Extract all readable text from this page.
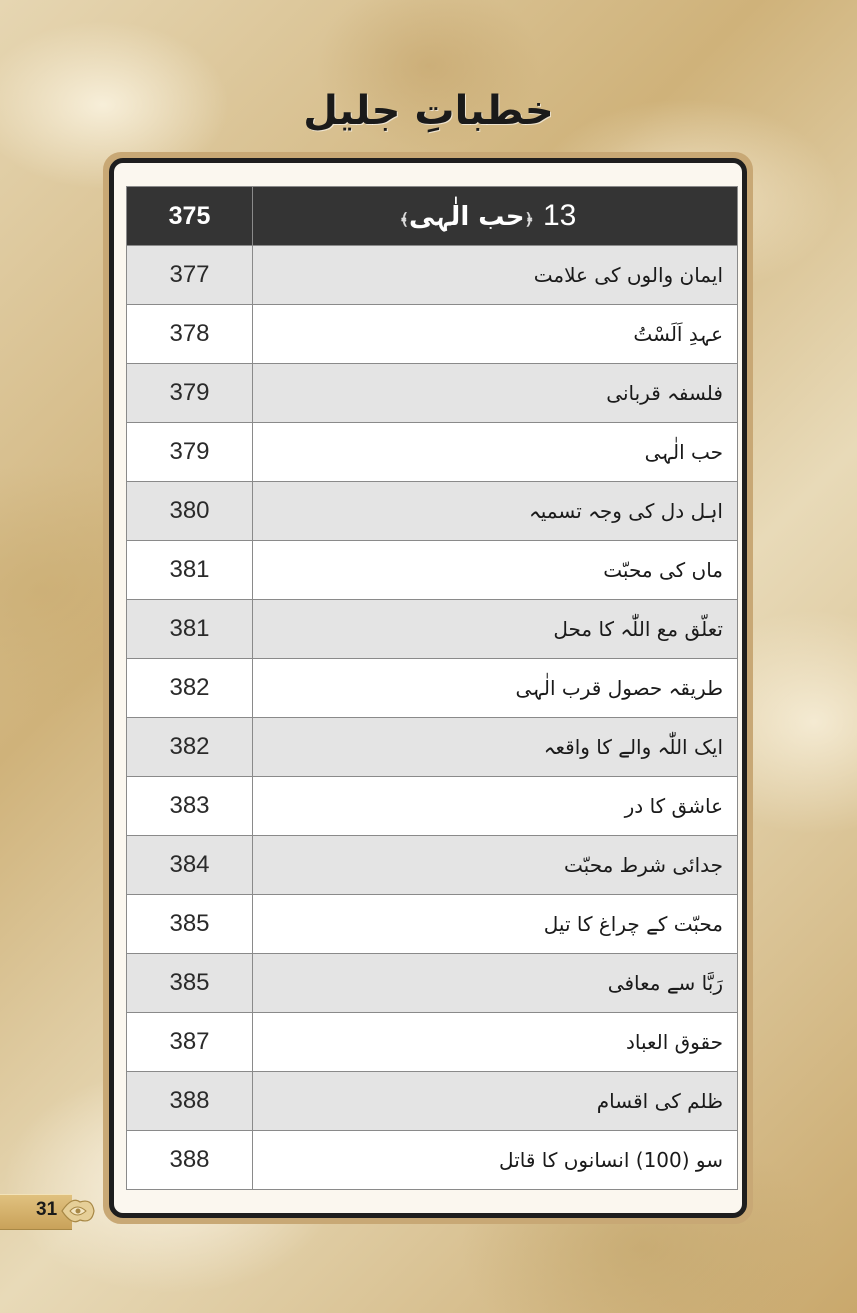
خطباتِ جلیل
375	13 ﴿حب الٰہی﴾
377	ایمان والوں کی علامت
378	عہدِ اَلَسْتُ
379	فلسفہ قربانی
379	حب الٰہی
380	اہل دل کی وجہ تسمیہ
381	ماں کی محبّت
381	تعلّق مع اللّٰہ کا محل
382	طریقہ حصول قرب الٰہی
382	ایک اللّٰہ والے کا واقعہ
383	عاشق کا در
384	جدائی شرط محبّت
385	محبّت کے چراغ کا تیل
385	رَبَّا سے معافی
387	حقوق العباد
388	ظلم کی اقسام
388	سو (100) انسانوں کا قاتل
31
